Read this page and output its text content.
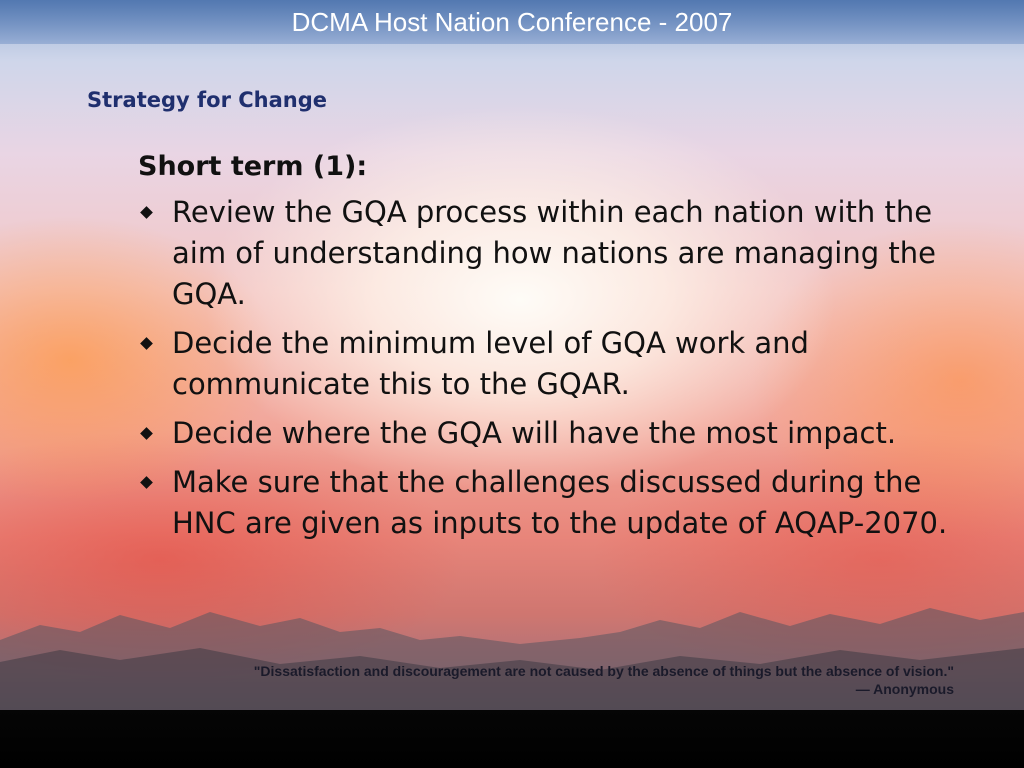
DCMA Host Nation Conference - 2007
Strategy for Change
Short term (1):
Review the GQA process within each nation with the aim of understanding how nations are managing the GQA.
Decide the minimum level of GQA work and communicate this to the GQAR.
Decide where the GQA will have the most impact.
Make sure that the challenges discussed during the HNC are given as inputs to the update of AQAP-2070.
"Dissatisfaction and discouragement are not caused by the absence of things but the absence of vision."
— Anonymous
